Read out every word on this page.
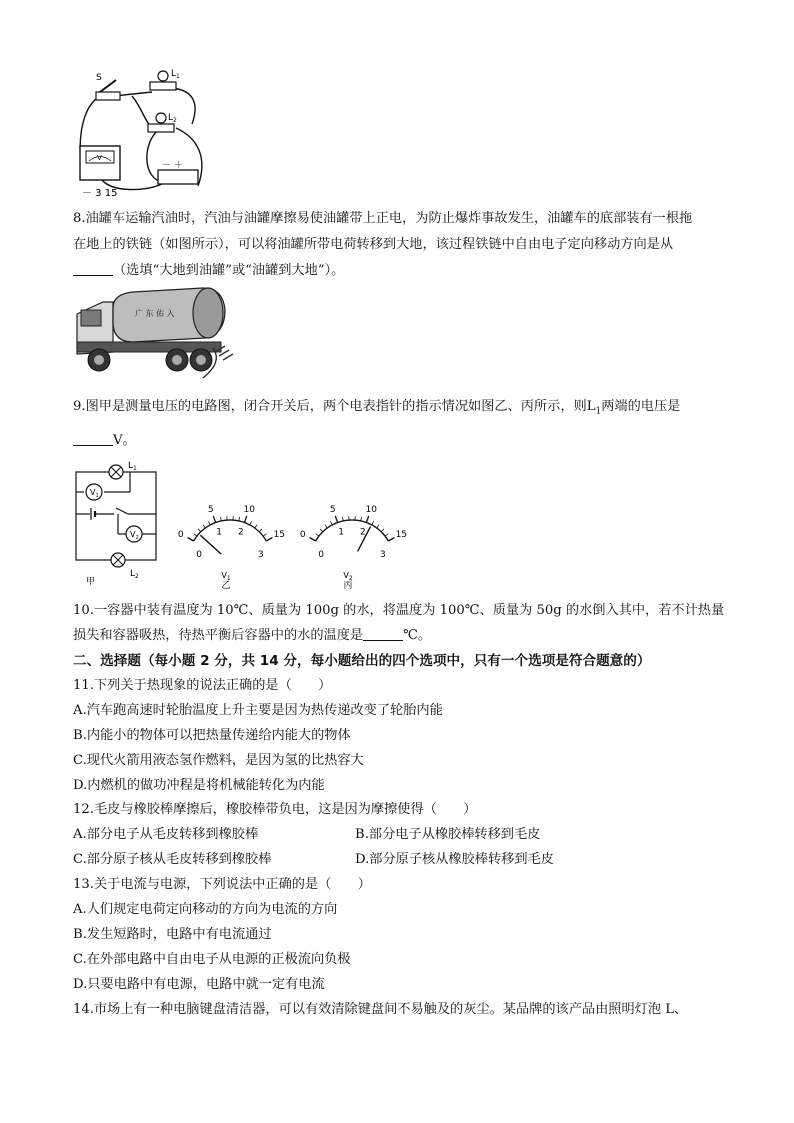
S	$L_1$
$L_2$
V
－ 3 15
－ ＋
8.油罐车运输汽油时，汽油与油罐摩擦易使油罐带上正电，为防止爆炸事故发生，油罐车的底部装有一根拖
在地上的铁链（如图所示），可以将油罐所带电荷转移到大地，该过程铁链中自由电子定向移动方向是从
（选填“大地到油罐”或“油罐到大地”）。
广 东 佑 入
9.图甲是测量电压的电路图，闭合开关后，两个电表指针的指示情况如图乙、丙所示，则$L_1$两端的电压是
V。
$L_1$
$V_1$
$V_2$
$L_2$
甲
5	10
1 2
0	15
0	3
$V_1$
乙
5	10
1 2
0	15
0	3
$V_2$
丙
10.一容器中装有温度为 10℃、质量为 100g 的水，将温度为 100℃、质量为 50g 的水倒入其中，若不计热量
损失和容器吸热，待热平衡后容器中的水的温度是	℃。
二、选择题（每小题 2 分，共 14 分，每小题给出的四个选项中，只有一个选项是符合题意的）
11.下列关于热现象的说法正确的是（　　）
A.汽车跑高速时轮胎温度上升主要是因为热传递改变了轮胎内能
B.内能小的物体可以把热量传递给内能大的物体
C.现代火箭用液态氢作燃料，是因为氢的比热容大
D.内燃机的做功冲程是将机械能转化为内能
12.毛皮与橡胶棒摩擦后，橡胶棒带负电，这是因为摩擦使得（　　）
A.部分电子从毛皮转移到橡胶棒	B.部分电子从橡胶棒转移到毛皮
C.部分原子核从毛皮转移到橡胶棒	D.部分原子核从橡胶棒转移到毛皮
13.关于电流与电源，下列说法中正确的是（　　）
A.人们规定电荷定向移动的方向为电流的方向
B.发生短路时，电路中有电流通过
C.在外部电路中自由电子从电源的正极流向负极
D.只要电路中有电源，电路中就一定有电流
14.市场上有一种电脑键盘清洁器，可以有效清除键盘间不易触及的灰尘。某品牌的该产品由照明灯泡 L、
